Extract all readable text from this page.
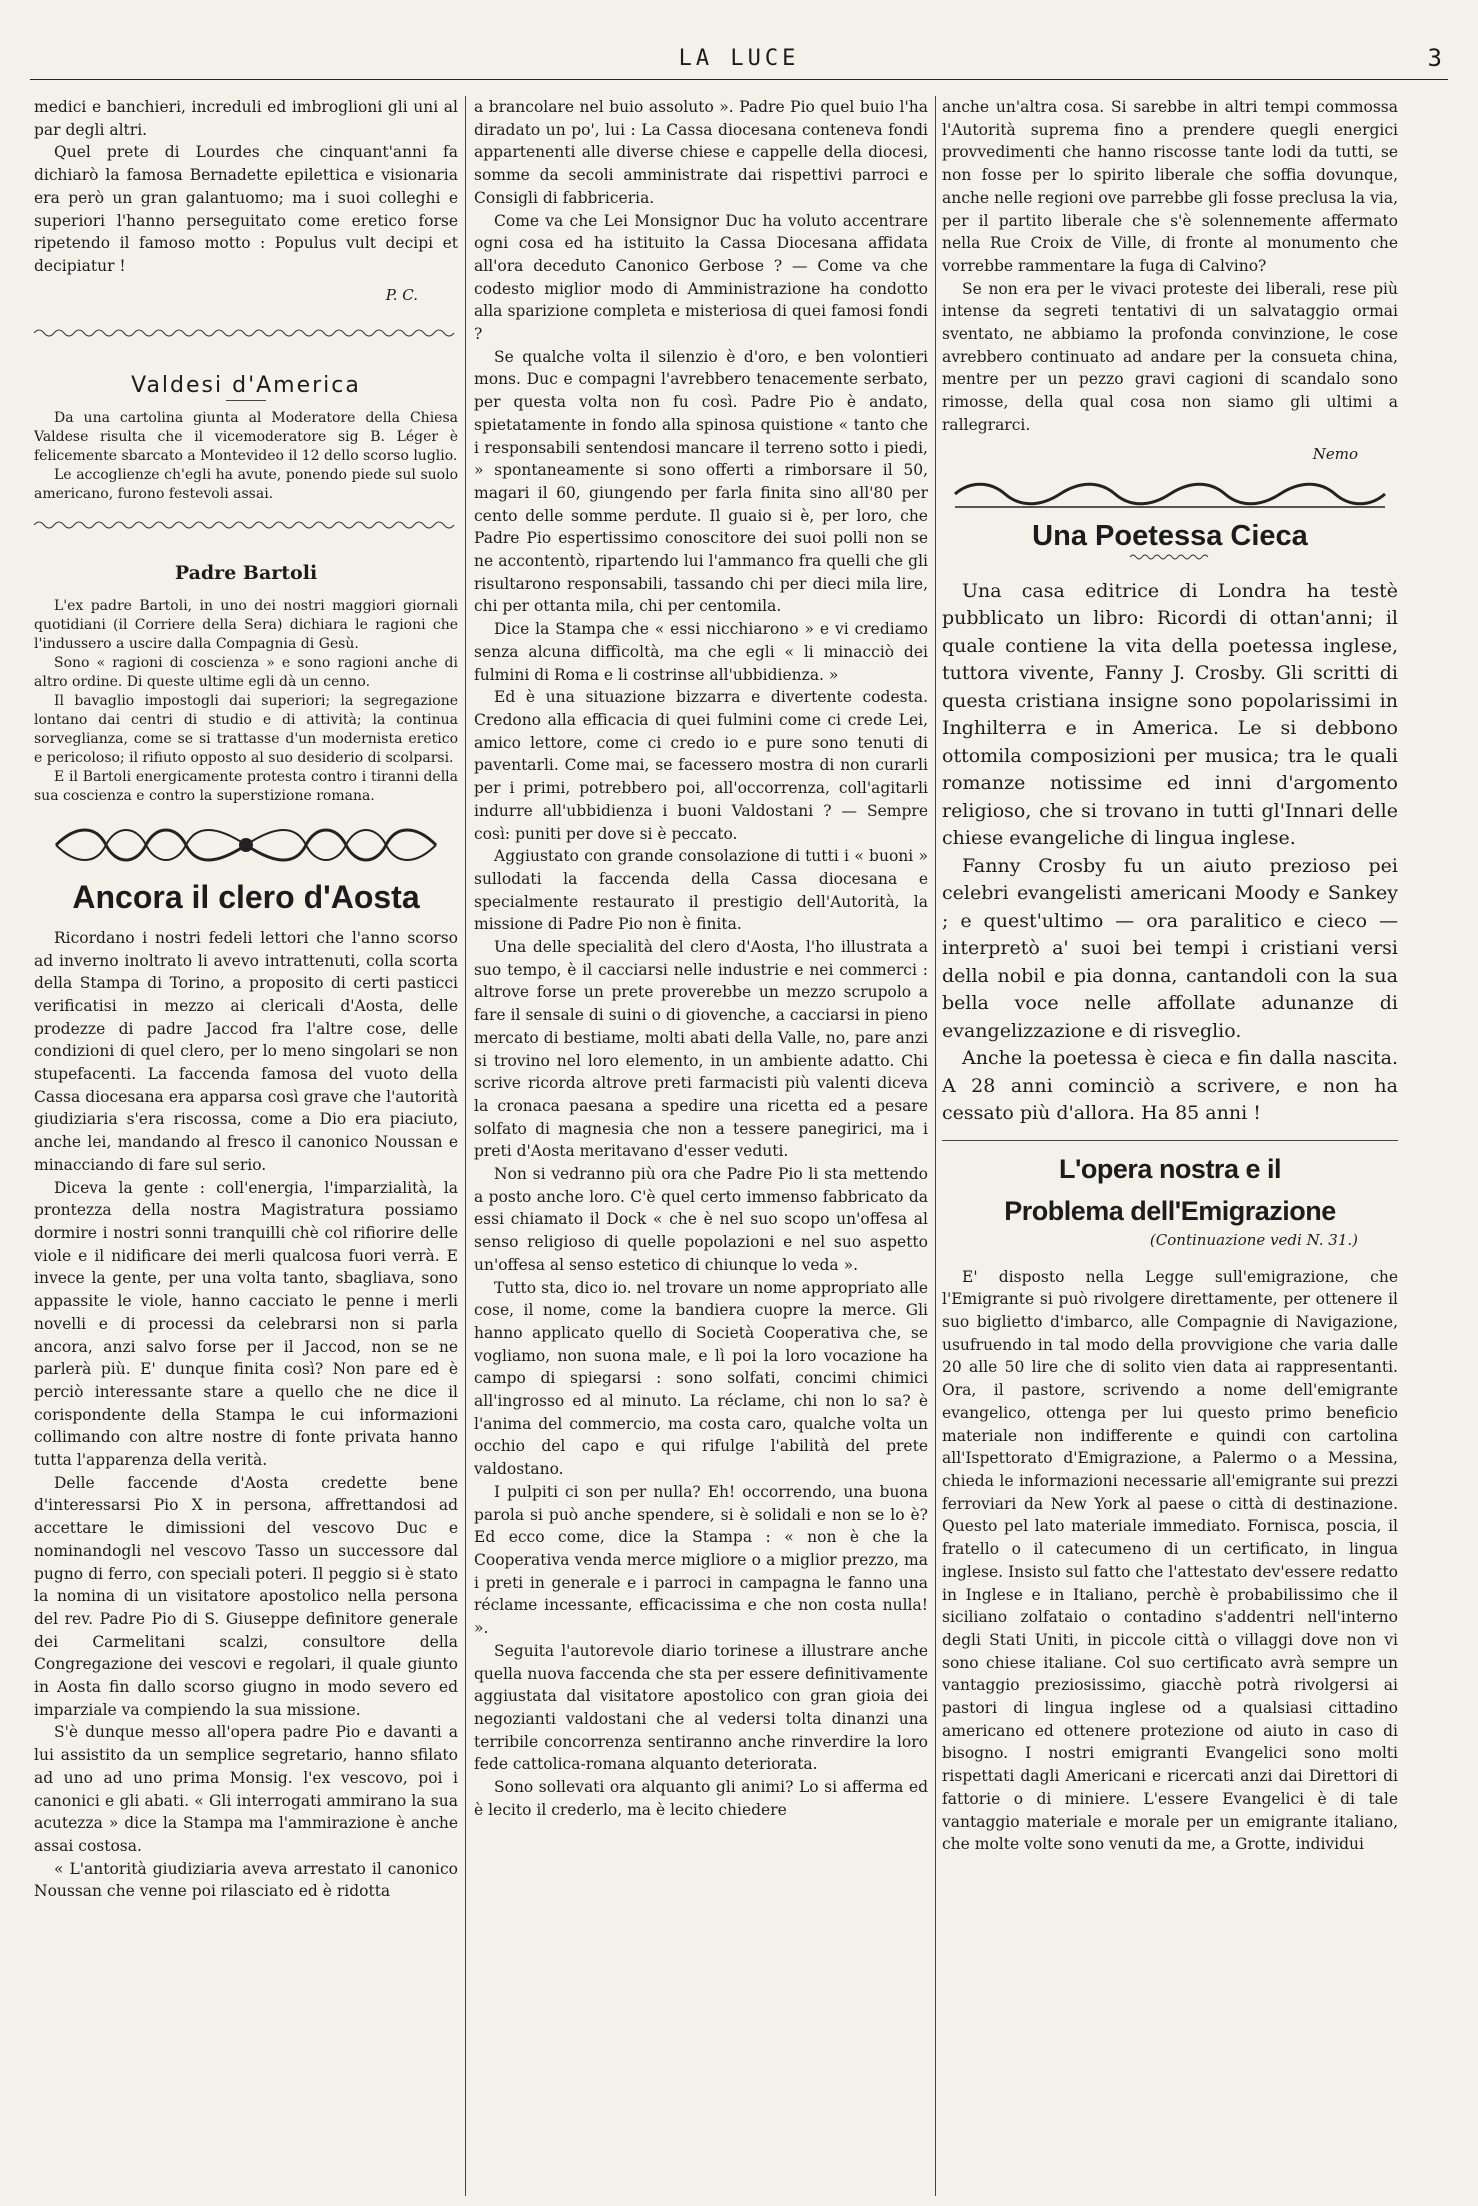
LA LUCE	3

medici e banchieri, increduli ed imbroglioni gli uni al par degli altri.

Quel prete di Lourdes che cinquant'anni fa dichiarò la famosa Bernadette epilettica e visionaria era però un gran galantuomo; ma i suoi colleghi e superiori l'hanno perseguitato come eretico forse ripetendo il famoso motto : Populus vult decipi et decipiatur !

P. C.
Valdesi d'America

Da una cartolina giunta al Moderatore della Chiesa Valdese risulta che il vicemoderatore sig B. Léger è felicemente sbarcato a Montevideo il 12 dello scorso luglio.

Le accoglienze ch'egli ha avute, ponendo piede sul suolo americano, furono festevoli assai.

Padre Bartoli

L'ex padre Bartoli, in uno dei nostri maggiori giornali quotidiani (il Corriere della Sera) dichiara le ragioni che l'indussero a uscire dalla Compagnia di Gesù.

Sono « ragioni di coscienza » e sono ragioni anche di altro ordine. Di queste ultime egli dà un cenno.

Il bavaglio impostogli dai superiori; la segregazione lontano dai centri di studio e di attività; la continua sorveglianza, come se si trattasse d'un modernista eretico e pericoloso; il rifiuto opposto al suo desiderio di scolparsi.

E il Bartoli energicamente protesta contro i tiranni della sua coscienza e contro la superstizione romana.

Ancora il clero d'Aosta

Ricordano i nostri fedeli lettori che l'anno scorso ad inverno inoltrato li avevo intrattenuti, colla scorta della Stampa di Torino, a proposito di certi pasticci verificatisi in mezzo ai clericali d'Aosta, delle prodezze di padre Jaccod fra l'altre cose, delle condizioni di quel clero, per lo meno singolari se non stupefacenti. La faccenda famosa del vuoto della Cassa diocesana era apparsa così grave che l'autorità giudiziaria s'era riscossa, come a Dio era piaciuto, anche lei, mandando al fresco il canonico Noussan e minacciando di fare sul serio.

Diceva la gente : coll'energia, l'imparzialità, la prontezza della nostra Magistratura possiamo dormire i nostri sonni tranquilli chè col rifiorire delle viole e il nidificare dei merli qualcosa fuori verrà. E invece la gente, per una volta tanto, sbagliava, sono appassite le viole, hanno cacciato le penne i merli novelli e di processi da celebrarsi non si parla ancora, anzi salvo forse per il Jaccod, non se ne parlerà più. E' dunque finita così? Non pare ed è perciò interessante stare a quello che ne dice il corispondente della Stampa le cui informazioni collimando con altre nostre di fonte privata hanno tutta l'apparenza della verità.

Delle faccende d'Aosta credette bene d'interessarsi Pio X in persona, affrettandosi ad accettare le dimissioni del vescovo Duc e nominandogli nel vescovo Tasso un successore dal pugno di ferro, con speciali poteri. Il peggio si è stato la nomina di un visitatore apostolico nella persona del rev. Padre Pio di S. Giuseppe definitore generale dei Carmelitani scalzi, consultore della Congregazione dei vescovi e regolari, il quale giunto in Aosta fin dallo scorso giugno in modo severo ed imparziale va compiendo la sua missione.

S'è dunque messo all'opera padre Pio e davanti a lui assistito da un semplice segretario, hanno sfilato ad uno ad uno prima Monsig. l'ex vescovo, poi i canonici e gli abati. « Gli interrogati ammirano la sua acutezza » dice la Stampa ma l'ammirazione è anche assai costosa.

« L'antorità giudiziaria aveva arrestato il canonico Noussan che venne poi rilasciato ed è ridotta

a brancolare nel buio assoluto ». Padre Pio quel buio l'ha diradato un po', lui : La Cassa diocesana conteneva fondi appartenenti alle diverse chiese e cappelle della diocesi, somme da secoli amministrate dai rispettivi parroci e Consigli di fabbriceria.

Come va che Lei Monsignor Duc ha voluto accentrare ogni cosa ed ha istituito la Cassa Diocesana affidata all'ora deceduto Canonico Gerbose ? — Come va che codesto miglior modo di Amministrazione ha condotto alla sparizione completa e misteriosa di quei famosi fondi ?

Se qualche volta il silenzio è d'oro, e ben volontieri mons. Duc e compagni l'avrebbero tenacemente serbato, per questa volta non fu così. Padre Pio è andato, spietatamente in fondo alla spinosa quistione « tanto che i responsabili sentendosi mancare il terreno sotto i piedi, » spontaneamente si sono offerti a rimborsare il 50, magari il 60, giungendo per farla finita sino all'80 per cento delle somme perdute. Il guaio si è, per loro, che Padre Pio espertissimo conoscitore dei suoi polli non se ne accontentò, ripartendo lui l'ammanco fra quelli che gli risultarono responsabili, tassando chi per dieci mila lire, chi per ottanta mila, chi per centomila.

Dice la Stampa che « essi nicchiarono » e vi crediamo senza alcuna difficoltà, ma che egli « li minacciò dei fulmini di Roma e li costrinse all'ubbidienza. »

Ed è una situazione bizzarra e divertente codesta. Credono alla efficacia di quei fulmini come ci crede Lei, amico lettore, come ci credo io e pure sono tenuti di paventarli. Come mai, se facessero mostra di non curarli per i primi, potrebbero poi, all'occorrenza, coll'agitarli indurre all'ubbidienza i buoni Valdostani ? — Sempre così: puniti per dove si è peccato.

Aggiustato con grande consolazione di tutti i « buoni » sullodati la faccenda della Cassa diocesana e specialmente restaurato il prestigio dell'Autorità, la missione di Padre Pio non è finita.

Una delle specialità del clero d'Aosta, l'ho illustrata a suo tempo, è il cacciarsi nelle industrie e nei commerci : altrove forse un prete proverebbe un mezzo scrupolo a fare il sensale di suini o di giovenche, a cacciarsi in pieno mercato di bestiame, molti abati della Valle, no, pare anzi si trovino nel loro elemento, in un ambiente adatto. Chi scrive ricorda altrove preti farmacisti più valenti diceva la cronaca paesana a spedire una ricetta ed a pesare solfato di magnesia che non a tessere panegirici, ma i preti d'Aosta meritavano d'esser veduti.

Non si vedranno più ora che Padre Pio li sta mettendo a posto anche loro. C'è quel certo immenso fabbricato da essi chiamato il Dock « che è nel suo scopo un'offesa al senso religioso di quelle popolazioni e nel suo aspetto un'offesa al senso estetico di chiunque lo veda ».

Tutto sta, dico io. nel trovare un nome appropriato alle cose, il nome, come la bandiera cuopre la merce. Gli hanno applicato quello di Società Cooperativa che, se vogliamo, non suona male, e lì poi la loro vocazione ha campo di spiegarsi : sono solfati, concimi chimici all'ingrosso ed al minuto. La réclame, chi non lo sa? è l'anima del commercio, ma costa caro, qualche volta un occhio del capo e qui rifulge l'abilità del prete valdostano.

I pulpiti ci son per nulla? Eh! occorrendo, una buona parola si può anche spendere, si è solidali e non se lo è? Ed ecco come, dice la Stampa : « non è che la Cooperativa venda merce migliore o a miglior prezzo, ma i preti in generale e i parroci in campagna le fanno una réclame incessante, efficacissima e che non costa nulla! ».

Seguita l'autorevole diario torinese a illustrare anche quella nuova faccenda che sta per essere definitivamente aggiustata dal visitatore apostolico con gran gioia dei negozianti valdostani che al vedersi tolta dinanzi una terribile concorrenza sentiranno anche rinverdire la loro fede cattolica-romana alquanto deteriorata.

Sono sollevati ora alquanto gli animi? Lo si afferma ed è lecito il crederlo, ma è lecito chiedere

anche un'altra cosa. Si sarebbe in altri tempi commossa l'Autorità suprema fino a prendere quegli energici provvedimenti che hanno riscosse tante lodi da tutti, se non fosse per lo spirito liberale che soffia dovunque, anche nelle regioni ove parrebbe gli fosse preclusa la via, per il partito liberale che s'è solennemente affermato nella Rue Croix de Ville, di fronte al monumento che vorrebbe rammentare la fuga di Calvino?

Se non era per le vivaci proteste dei liberali, rese più intense da segreti tentativi di un salvataggio ormai sventato, ne abbiamo la profonda convinzione, le cose avrebbero continuato ad andare per la consueta china, mentre per un pezzo gravi cagioni di scandalo sono rimosse, della qual cosa non siamo gli ultimi a rallegrarci.

Nemo
Una Poetessa Cieca

Una casa editrice di Londra ha testè pubblicato un libro: Ricordi di ottan'anni; il quale contiene la vita della poetessa inglese, tuttora vivente, Fanny J. Crosby. Gli scritti di questa cristiana insigne sono popolarissimi in Inghilterra e in America. Le si debbono ottomila composizioni per musica; tra le quali romanze notissime ed inni d'argomento religioso, che si trovano in tutti gl'Innari delle chiese evangeliche di lingua inglese.

Fanny Crosby fu un aiuto prezioso pei celebri evangelisti americani Moody e Sankey ; e quest'ultimo — ora paralitico e cieco — interpretò a' suoi bei tempi i cristiani versi della nobil e pia donna, cantandoli con la sua bella voce nelle affollate adunanze di evangelizzazione e di risveglio.

Anche la poetessa è cieca e fin dalla nascita. A 28 anni cominciò a scrivere, e non ha cessato più d'allora. Ha 85 anni !

L'opera nostra e il
Problema dell'Emigrazione
(Continuazione vedi N. 31.)

E' disposto nella Legge sull'emigrazione, che l'Emigrante si può rivolgere direttamente, per ottenere il suo biglietto d'imbarco, alle Compagnie di Navigazione, usufruendo in tal modo della provvigione che varia dalle 20 alle 50 lire che di solito vien data ai rappresentanti. Ora, il pastore, scrivendo a nome dell'emigrante evangelico, ottenga per lui questo primo beneficio materiale non indifferente e quindi con cartolina all'Ispettorato d'Emigrazione, a Palermo o a Messina, chieda le informazioni necessarie all'emigrante sui prezzi ferroviari da New York al paese o città di destinazione. Questo pel lato materiale immediato. Fornisca, poscia, il fratello o il catecumeno di un certificato, in lingua inglese. Insisto sul fatto che l'attestato dev'essere redatto in Inglese e in Italiano, perchè è probabilissimo che il siciliano zolfataio o contadino s'addentri nell'interno degli Stati Uniti, in piccole città o villaggi dove non vi sono chiese italiane. Col suo certificato avrà sempre un vantaggio preziosissimo, giacchè potrà rivolgersi ai pastori di lingua inglese od a qualsiasi cittadino americano ed ottenere protezione od aiuto in caso di bisogno. I nostri emigranti Evangelici sono molti rispettati dagli Americani e ricercati anzi dai Direttori di fattorie o di miniere. L'essere Evangelici è di tale vantaggio materiale e morale per un emigrante italiano, che molte volte sono venuti da me, a Grotte, individui
